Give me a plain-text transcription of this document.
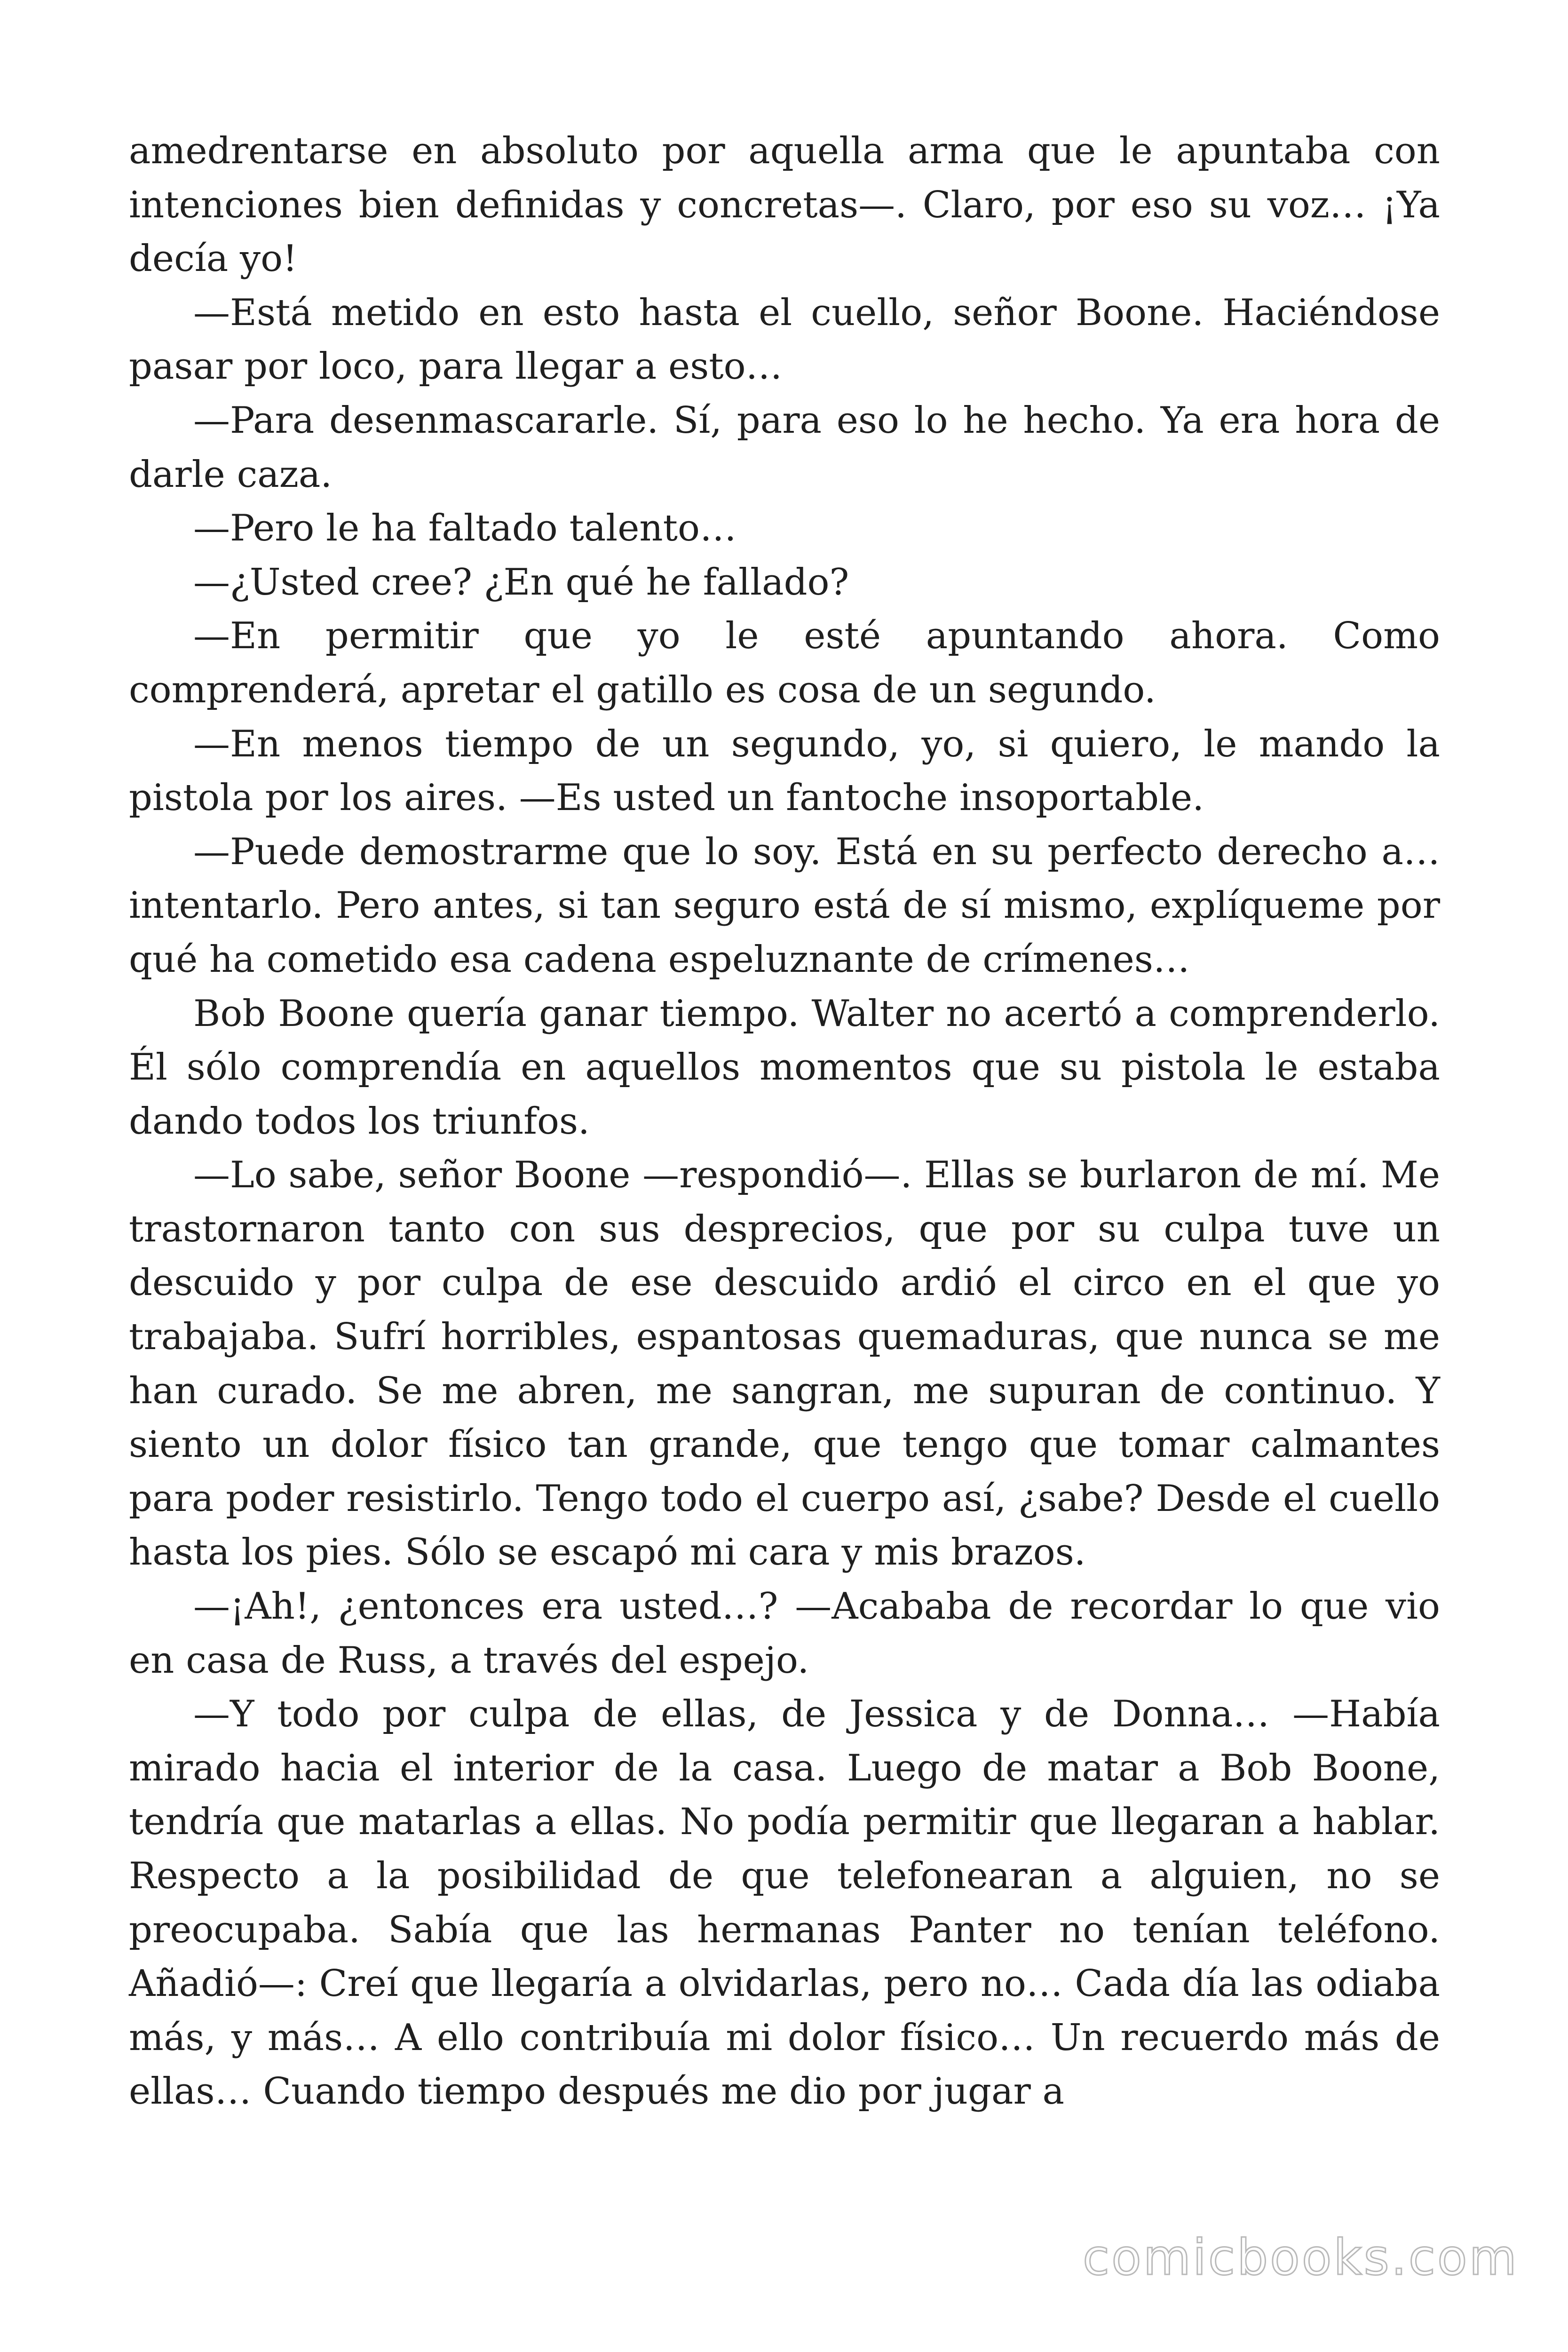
amedrentarse en absoluto por aquella arma que le apuntaba con intenciones bien definidas y concretas—. Claro, por eso su voz… ¡Ya decía yo!

—Está metido en esto hasta el cuello, señor Boone. Haciéndose pasar por loco, para llegar a esto…

—Para desenmascararle. Sí, para eso lo he hecho. Ya era hora de darle caza.

—Pero le ha faltado talento…

—¿Usted cree? ¿En qué he fallado?

—En permitir que yo le esté apuntando ahora. Como comprenderá, apretar el gatillo es cosa de un segundo.

—En menos tiempo de un segundo, yo, si quiero, le mando la pistola por los aires. —Es usted un fantoche insoportable.

—Puede demostrarme que lo soy. Está en su perfecto derecho a… intentarlo. Pero antes, si tan seguro está de sí mismo, explíqueme por qué ha cometido esa cadena espeluznante de crímenes…

Bob Boone quería ganar tiempo. Walter no acertó a comprenderlo. Él sólo comprendía en aquellos momentos que su pistola le estaba dando todos los triunfos.

—Lo sabe, señor Boone —respondió—. Ellas se burlaron de mí. Me trastornaron tanto con sus desprecios, que por su culpa tuve un descuido y por culpa de ese descuido ardió el circo en el que yo trabajaba. Sufrí horribles, espantosas quemaduras, que nunca se me han curado. Se me abren, me sangran, me supuran de continuo. Y siento un dolor físico tan grande, que tengo que tomar calmantes para poder resistirlo. Tengo todo el cuerpo así, ¿sabe? Desde el cuello hasta los pies. Sólo se escapó mi cara y mis brazos.

—¡Ah!, ¿entonces era usted…? —Acababa de recordar lo que vio en casa de Russ, a través del espejo.

—Y todo por culpa de ellas, de Jessica y de Donna… —Había mirado hacia el interior de la casa. Luego de matar a Bob Boone, tendría que matarlas a ellas. No podía permitir que llegaran a hablar. Respecto a la posibilidad de que telefonearan a alguien, no se preocupaba. Sabía que las hermanas Panter no tenían teléfono. Añadió—: Creí que llegaría a olvidarlas, pero no… Cada día las odiaba más, y más… A ello contribuía mi dolor físico… Un recuerdo más de ellas… Cuando tiempo después me dio por jugar a

comicbooks.com
